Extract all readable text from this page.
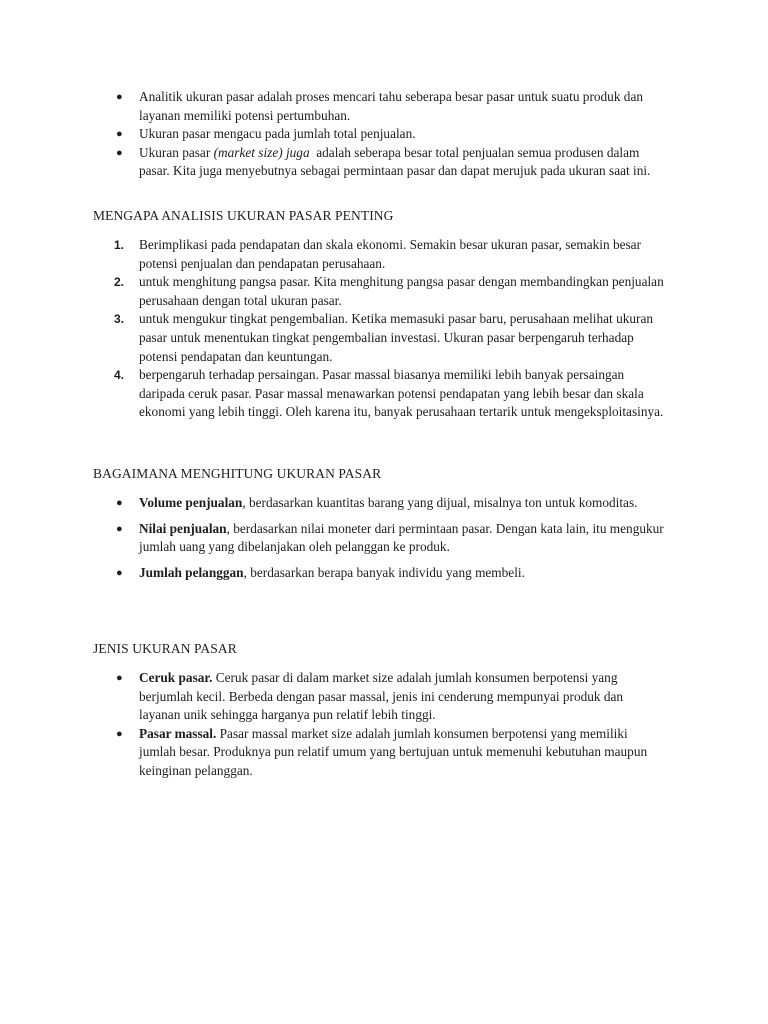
● Analitik ukuran pasar adalah proses mencari tahu seberapa besar pasar untuk suatu produk dan layanan memiliki potensi pertumbuhan.
● Ukuran pasar mengacu pada jumlah total penjualan.
● Ukuran pasar (market size) juga  adalah seberapa besar total penjualan semua produsen dalam pasar. Kita juga menyebutnya sebagai permintaan pasar dan dapat merujuk pada ukuran saat ini.
MENGAPA ANALISIS UKURAN PASAR PENTING
1. Berimplikasi pada pendapatan dan skala ekonomi. Semakin besar ukuran pasar, semakin besar potensi penjualan dan pendapatan perusahaan.
2. untuk menghitung pangsa pasar. Kita menghitung pangsa pasar dengan membandingkan penjualan perusahaan dengan total ukuran pasar.
3. untuk mengukur tingkat pengembalian. Ketika memasuki pasar baru, perusahaan melihat ukuran pasar untuk menentukan tingkat pengembalian investasi. Ukuran pasar berpengaruh terhadap potensi pendapatan dan keuntungan.
4. berpengaruh terhadap persaingan. Pasar massal biasanya memiliki lebih banyak persaingan daripada ceruk pasar. Pasar massal menawarkan potensi pendapatan yang lebih besar dan skala ekonomi yang lebih tinggi. Oleh karena itu, banyak perusahaan tertarik untuk mengeksploitasinya.
BAGAIMANA MENGHITUNG UKURAN PASAR
● Volume penjualan, berdasarkan kuantitas barang yang dijual, misalnya ton untuk komoditas.
● Nilai penjualan, berdasarkan nilai moneter dari permintaan pasar. Dengan kata lain, itu mengukur jumlah uang yang dibelanjakan oleh pelanggan ke produk.
● Jumlah pelanggan, berdasarkan berapa banyak individu yang membeli.
JENIS UKURAN PASAR
● Ceruk pasar. Ceruk pasar di dalam market size adalah jumlah konsumen berpotensi yang berjumlah kecil. Berbeda dengan pasar massal, jenis ini cenderung mempunyai produk dan layanan unik sehingga harganya pun relatif lebih tinggi.
● Pasar massal. Pasar massal market size adalah jumlah konsumen berpotensi yang memiliki jumlah besar. Produknya pun relatif umum yang bertujuan untuk memenuhi kebutuhan maupun keinginan pelanggan.
